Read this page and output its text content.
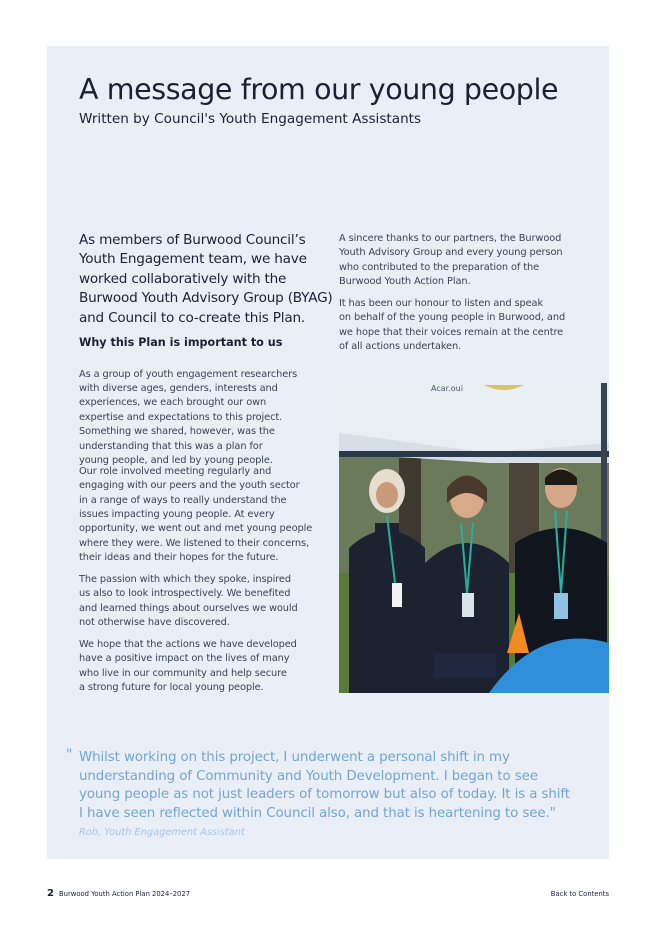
A message from our young people
Written by Council's Youth Engagement Assistants

As members of Burwood Council’s
Youth Engagement team, we have
worked collaboratively with the
Burwood Youth Advisory Group (BYAG)
and Council to co-create this Plan.

Why this Plan is important to us

As a group of youth engagement researchers
with diverse ages, genders, interests and
experiences, we each brought our own
expertise and expectations to this project.
Something we shared, however, was the
understanding that this was a plan for
young people, and led by young people.

Our role involved meeting regularly and
engaging with our peers and the youth sector
in a range of ways to really understand the
issues impacting young people. At every
opportunity, we went out and met young people
where they were. We listened to their concerns,
their ideas and their hopes for the future.

The passion with which they spoke, inspired
us also to look introspectively. We benefited
and learned things about ourselves we would
not otherwise have discovered.

We hope that the actions we have developed
have a positive impact on the lives of many
who live in our community and help secure
a strong future for local young people.

A sincere thanks to our partners, the Burwood
Youth Advisory Group and every young person
who contributed to the preparation of the
Burwood Youth Action Plan.

It has been our honour to listen and speak
on behalf of the young people in Burwood, and
we hope that their voices remain at the centre
of all actions undertaken.

Acar.oui
" Whilst working on this project, I underwent a personal shift in my
understanding of Community and Youth Development. I began to see
young people as not just leaders of tomorrow but also of today. It is a shift
I have seen reflected within Council also, and that is heartening to see."

Rob, Youth Engagement Assistant
2 Burwood Youth Action Plan 2024–2027	Back to Contents
